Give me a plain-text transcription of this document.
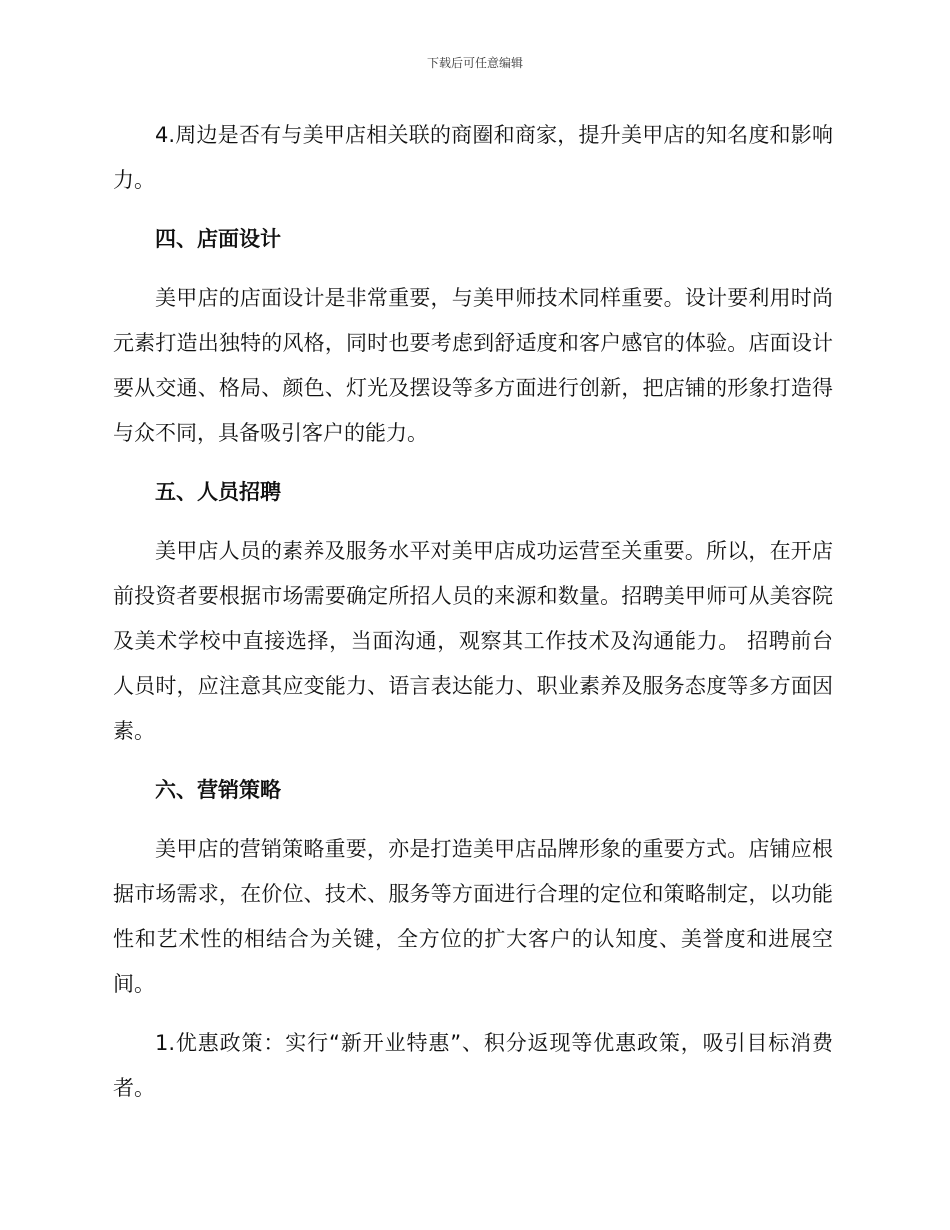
下载后可任意编辑

4.周边是否有与美甲店相关联的商圈和商家，提升美甲店的知名度和影响力。

四、店面设计

美甲店的店面设计是非常重要，与美甲师技术同样重要。设计要利用时尚元素打造出独特的风格，同时也要考虑到舒适度和客户感官的体验。店面设计要从交通、格局、颜色、灯光及摆设等多方面进行创新，把店铺的形象打造得与众不同，具备吸引客户的能力。

五、人员招聘

美甲店人员的素养及服务水平对美甲店成功运营至关重要。所以，在开店前投资者要根据市场需要确定所招人员的来源和数量。招聘美甲师可从美容院及美术学校中直接选择，当面沟通，观察其工作技术及沟通能力。 招聘前台人员时，应注意其应变能力、语言表达能力、职业素养及服务态度等多方面因素。

六、营销策略

美甲店的营销策略重要，亦是打造美甲店品牌形象的重要方式。店铺应根据市场需求，在价位、技术、服务等方面进行合理的定位和策略制定，以功能性和艺术性的相结合为关键，全方位的扩大客户的认知度、美誉度和进展空间。

1.优惠政策：实行“新开业特惠”、积分返现等优惠政策，吸引目标消费者。
